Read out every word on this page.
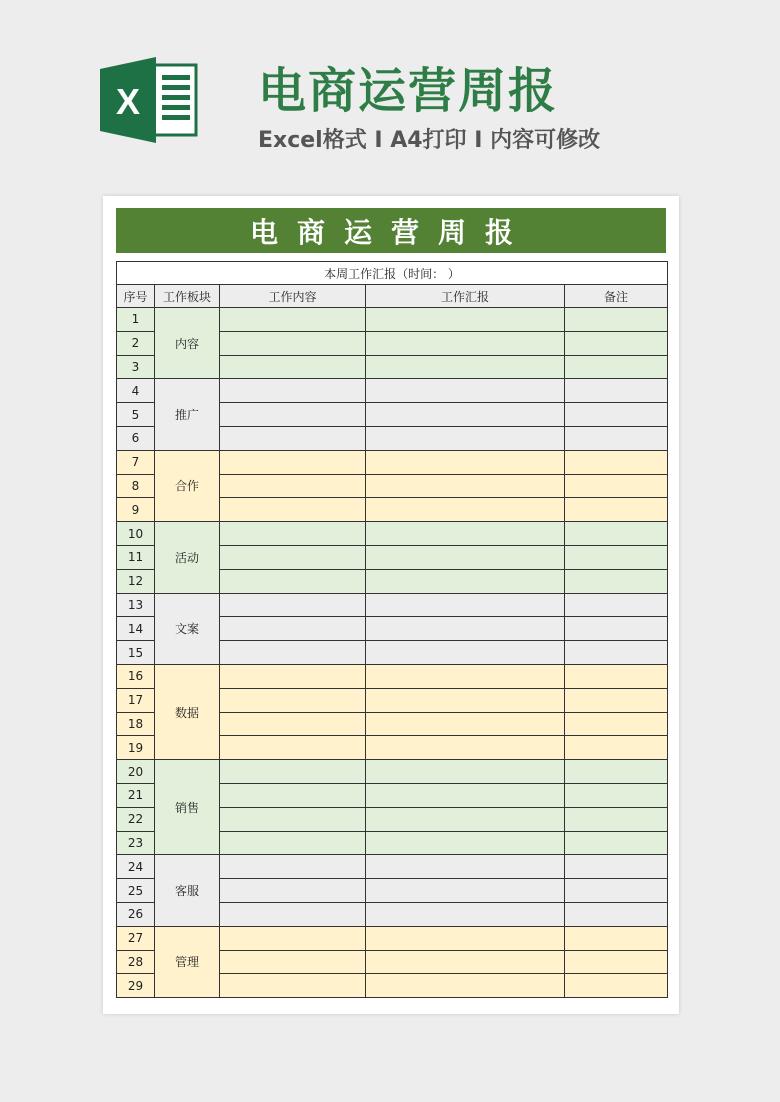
X 电商运营周报
Excel格式 I A4打印 I 内容可修改
电商运营周报
本周工作汇报（时间： ）				
序号	工作板块	工作内容	工作汇报	备注
1	内容			
2				
3				
4	推广			
5				
6				
7	合作			
8				
9				
10	活动			
11				
12				
13	文案			
14				
15				
16	数据			
17				
18				
19				
20	销售			
21				
22				
23				
24	客服			
25				
26				
27	管理			
28				
29				
